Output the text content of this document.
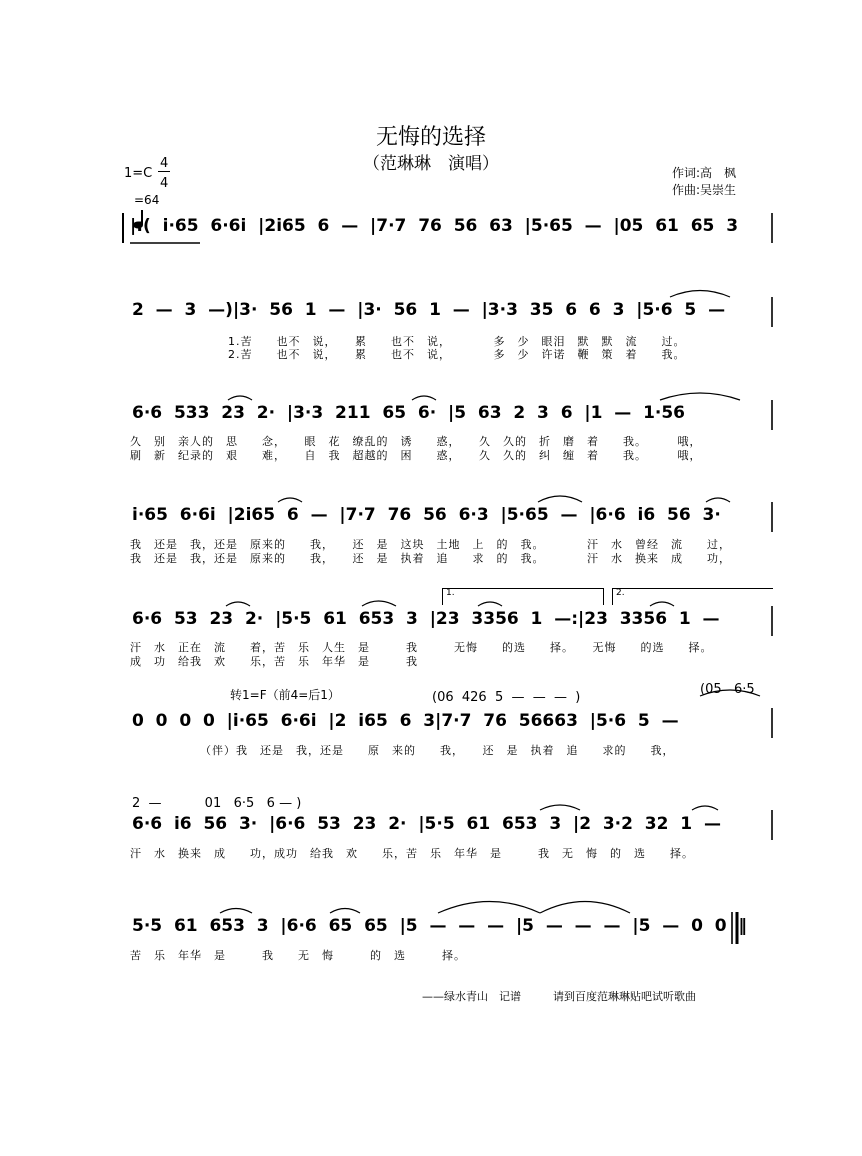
无悔的选择
（范琳琳　演唱）
1=C
4
4

=64
作词:高　枫
作曲:吴崇生
|:(  i·65  6·6i  |2i65  6  —  |7·7  76  56  63  |5·65  —  |05  61  65  3
2  —  3  —)|3·  56  1  —  |3·  56  1  —  |3·3  35  6  6  3  |5·6  5  —
1.苦　　也不　说，　　累　　也不　说，　　　　多　少　眼泪　默　默　流　　过。
2.苦　　也不　说，　　累　　也不　说，　　　　多　少　许诺　鞭　策　着　　我。
6·6  533  23  2·  |3·3  211  65  6·  |5  63  2  3  6  |1  —  1·56
久　别　亲人的　思　　念，　　眼　花　缭乱的　诱　　惑，　　久　久的　折　磨　着　　我。　　　哦，
刷　新　纪录的　艰　　难，　　自　我　超越的　困　　惑，　　久　久的　纠　缠　着　　我。　　　哦，
i·65  6·6i  |2i65  6  —  |7·7  76  56  6·3  |5·65  —  |6·6  i6  56  3·
我　还是　我，还是　原来的　　我，　　还　是　这块　土地　上　的　我。　　　　汗　水　曾经　流　　过，
我　还是　我，还是　原来的　　我，　　还　是　执着　追　　求　的　我。　　　　汗　水　换来　成　　功，
1.	2.
6·6  53  23  2·  |5·5  61  653  3  |23  3356  1  —:|23  3356  1  —
汗　水　正在　流　　着，苦　乐　人生　是　　　我　　　无悔　　的选　　择。　　无悔　　的选　　择。
成　功　给我　欢　　乐，苦　乐　年华　是　　　我
转1=F（前4=后1）	(06  426  5  —  —  —  )
(05   6·5
0  0  0  0  |i·65  6·6i  |2  i65  6  3|7·7  76  56663  |5·6  5  —
（伴）我　还是　我，还是　　原　来的　　我，　　还　是　执着　追　　求的　　我，
2  —　　　 01   6·5   6 — )
6·6  i6  56  3·  |6·6  53  23  2·  |5·5  61  653  3  |2  3·2  32  1  —
汗　水　换来　成　　功，成功　给我　欢　　乐，苦　乐　年华　是　　　我　无　悔　的　选　　择。
5·5  61  653  3  |6·6  65  65  |5  —  —  —  |5  —  —  —  |5  —  0  0  ‖
苦　乐　年华　是　　　我　　无　悔　　　的　选　　　择。
——绿水青山　记谱	请到百度范琳琳贴吧试听歌曲
